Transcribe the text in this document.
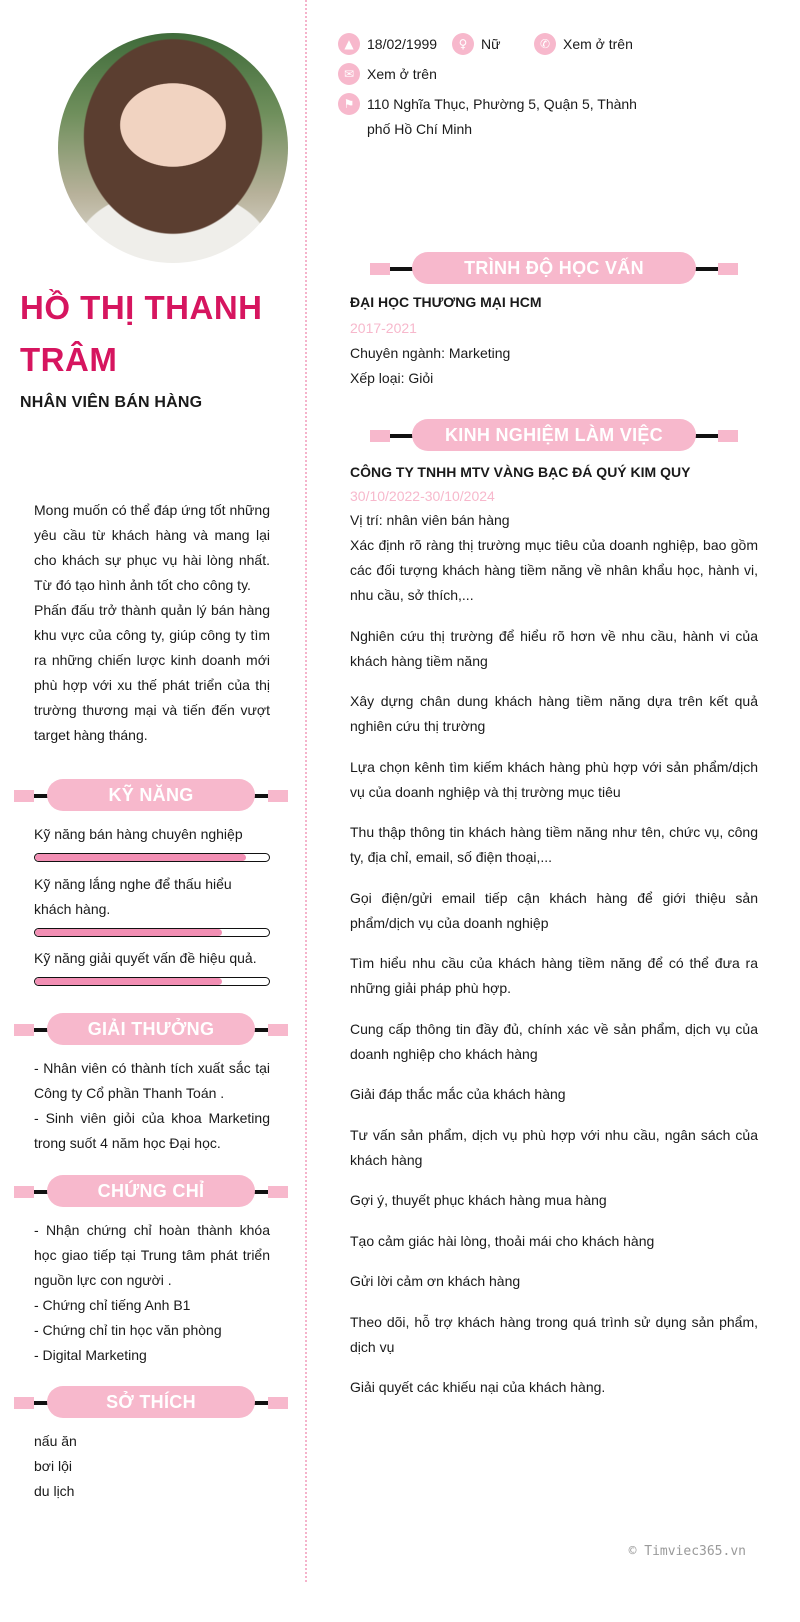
HỒ THỊ THANH TRÂM
NHÂN VIÊN BÁN HÀNG

Mong muốn có thể đáp ứng tốt những yêu cầu từ khách hàng và mang lại cho khách sự phục vụ hài lòng nhất. Từ đó tạo hình ảnh tốt cho công ty.

Phấn đấu trở thành quản lý bán hàng khu vực của công ty, giúp công ty tìm ra những chiến lược kinh doanh mới phù hợp với xu thế phát triển của thị trường thương mại và tiến đến vượt target hàng tháng.

KỸ NĂNG
Kỹ năng bán hàng chuyên nghiệp
Kỹ năng lắng nghe để thấu hiểu khách hàng.
Kỹ năng giải quyết vấn đề hiệu quả.
GIẢI THƯỞNG
- Nhân viên có thành tích xuất sắc tại Công ty Cổ phần Thanh Toán .
- Sinh viên giỏi của khoa Marketing trong suốt 4 năm học Đại học.
CHỨNG CHỈ
- Nhận chứng chỉ hoàn thành khóa học giao tiếp tại Trung tâm phát triển nguồn lực con người .
- Chứng chỉ tiếng Anh B1
- Chứng chỉ tin học văn phòng
- Digital Marketing
SỞ THÍCH
nấu ăn
bơi lội
du lịch
▲ 18/02/1999	♀ Nữ	✆ Xem ở trên
✉ Xem ở trên
⚑ 110 Nghĩa Thục, Phường 5, Quận 5, Thành phố Hồ Chí Minh
TRÌNH ĐỘ HỌC VẤN
ĐẠI HỌC THƯƠNG MẠI HCM
2017-2021
Chuyên ngành: Marketing
Xếp loại: Giỏi
KINH NGHIỆM LÀM VIỆC
CÔNG TY TNHH MTV VÀNG BẠC ĐÁ QUÝ KIM QUY
30/10/2022-30/10/2024
Vị trí: nhân viên bán hàng
Xác định rõ ràng thị trường mục tiêu của doanh nghiệp, bao gồm các đối tượng khách hàng tiềm năng về nhân khẩu học, hành vi, nhu cầu, sở thích,...
Nghiên cứu thị trường để hiểu rõ hơn về nhu cầu, hành vi của khách hàng tiềm năng
Xây dựng chân dung khách hàng tiềm năng dựa trên kết quả nghiên cứu thị trường
Lựa chọn kênh tìm kiếm khách hàng phù hợp với sản phẩm/dịch vụ của doanh nghiệp và thị trường mục tiêu
Thu thập thông tin khách hàng tiềm năng như tên, chức vụ, công ty, địa chỉ, email, số điện thoại,...
Gọi điện/gửi email tiếp cận khách hàng để giới thiệu sản phẩm/dịch vụ của doanh nghiệp
Tìm hiểu nhu cầu của khách hàng tiềm năng để có thể đưa ra những giải pháp phù hợp.
Cung cấp thông tin đầy đủ, chính xác về sản phẩm, dịch vụ của doanh nghiệp cho khách hàng
Giải đáp thắc mắc của khách hàng
Tư vấn sản phẩm, dịch vụ phù hợp với nhu cầu, ngân sách của khách hàng
Gợi ý, thuyết phục khách hàng mua hàng
Tạo cảm giác hài lòng, thoải mái cho khách hàng
Gửi lời cảm ơn khách hàng
Theo dõi, hỗ trợ khách hàng trong quá trình sử dụng sản phẩm, dịch vụ
Giải quyết các khiếu nại của khách hàng.
© Timviec365.vn
